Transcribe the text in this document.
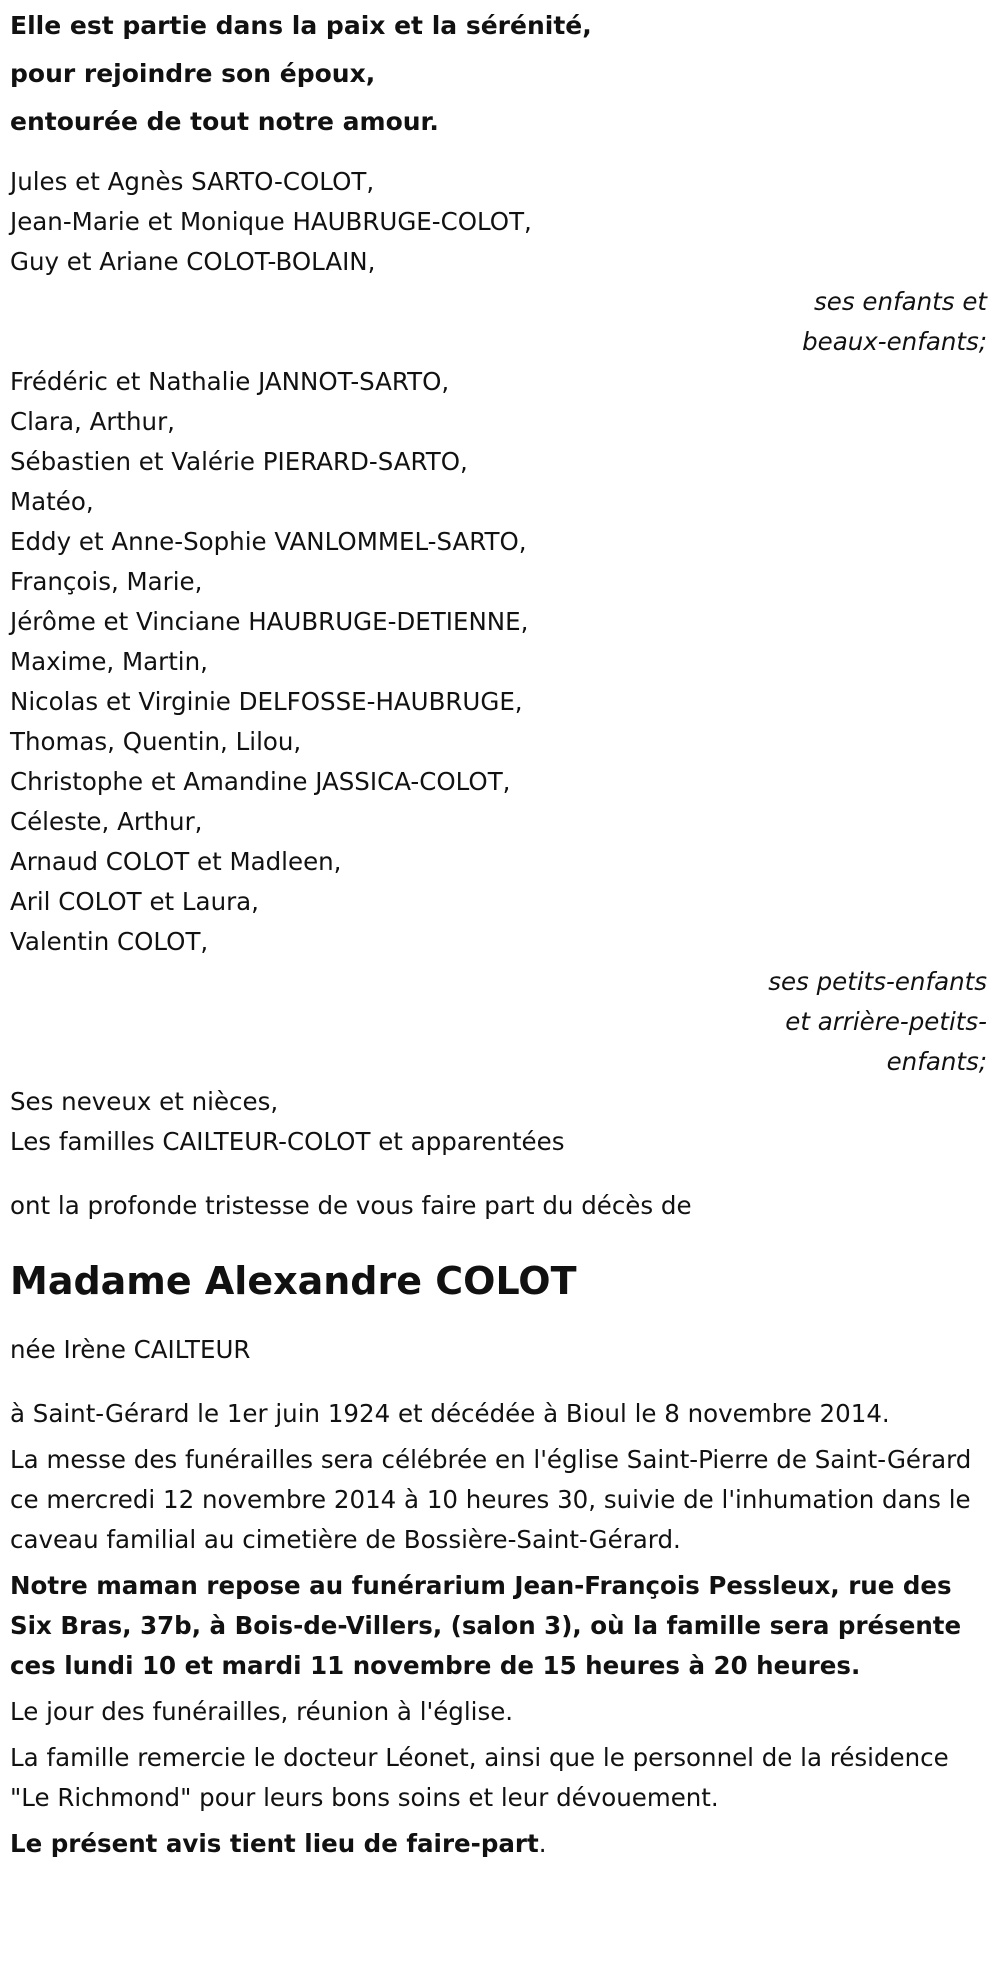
Elle est partie dans la paix et la sérénité,
pour rejoindre son époux,
entourée de tout notre amour.
Jules et Agnès SARTO-COLOT,
Jean-Marie et Monique HAUBRUGE-COLOT,
Guy et Ariane COLOT-BOLAIN,
ses enfants et
beaux-enfants;
Frédéric et Nathalie JANNOT-SARTO,
Clara, Arthur,
Sébastien et Valérie PIERARD-SARTO,
Matéo,
Eddy et Anne-Sophie VANLOMMEL-SARTO,
François, Marie,
Jérôme et Vinciane HAUBRUGE-DETIENNE,
Maxime, Martin,
Nicolas et Virginie DELFOSSE-HAUBRUGE,
Thomas, Quentin, Lilou,
Christophe et Amandine JASSICA-COLOT,
Céleste, Arthur,
Arnaud COLOT et Madleen,
Aril COLOT et Laura,
Valentin COLOT,
ses petits-enfants
et arrière-petits-
enfants;
Ses neveux et nièces,
Les familles CAILTEUR-COLOT et apparentées
ont la profonde tristesse de vous faire part du décès de
Madame Alexandre COLOT
née Irène CAILTEUR
à Saint-Gérard le 1er juin 1924 et décédée à Bioul le 8 novembre 2014.
La messe des funérailles sera célébrée en l'église Saint-Pierre de Saint-Gérard ce mercredi 12 novembre 2014 à 10 heures 30, suivie de l'inhumation dans le caveau familial au cimetière de Bossière-Saint-Gérard.
Notre maman repose au funérarium Jean-François Pessleux, rue des Six Bras, 37b, à Bois-de-Villers, (salon 3), où la famille sera présente ces lundi 10 et mardi 11 novembre de 15 heures à 20 heures.
Le jour des funérailles, réunion à l'église.
La famille remercie le docteur Léonet, ainsi que le personnel de la résidence "Le Richmond" pour leurs bons soins et leur dévouement.
Le présent avis tient lieu de faire-part.
